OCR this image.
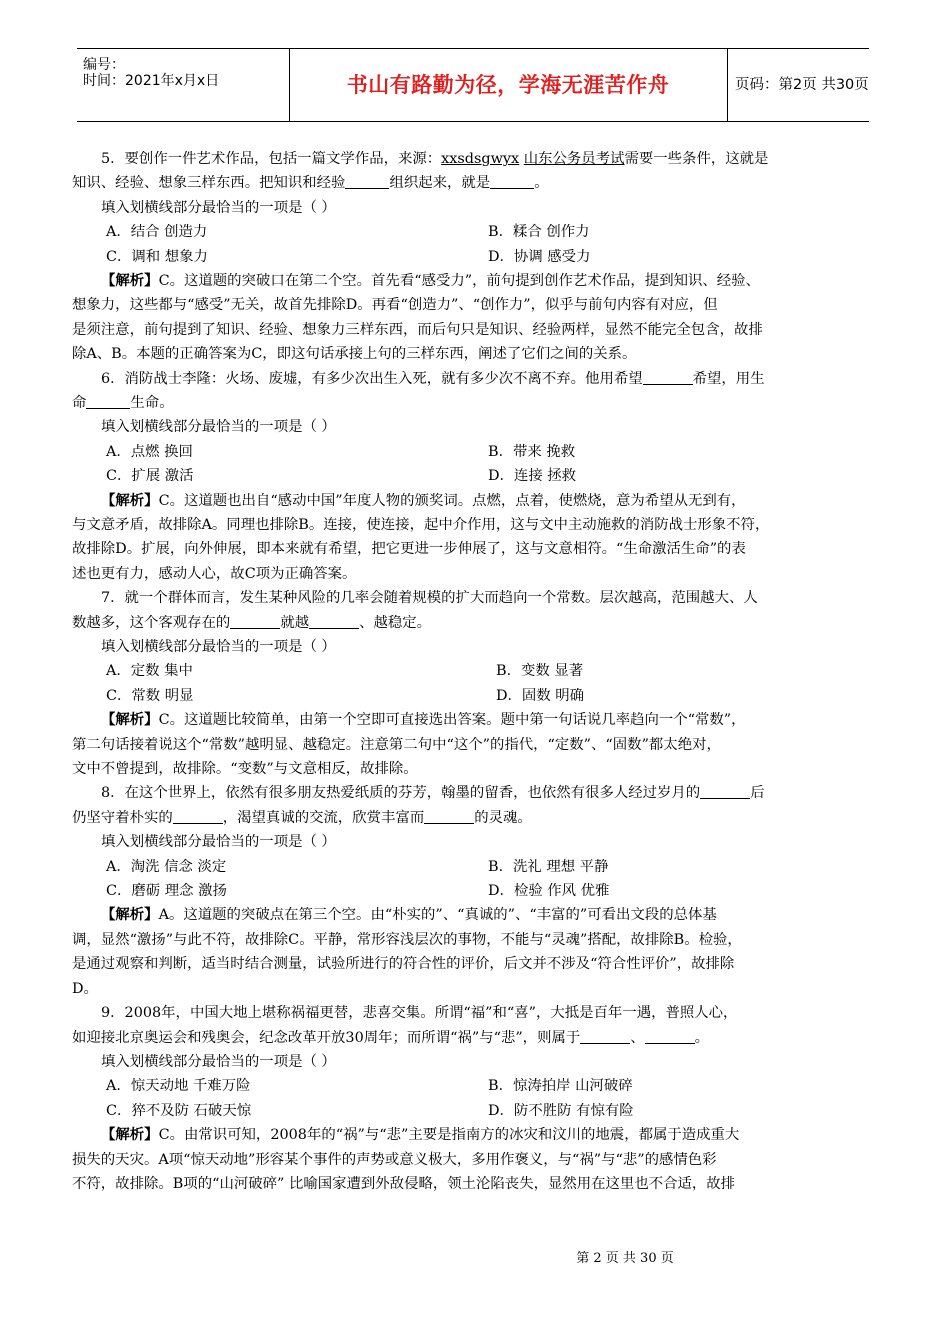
编号：
时间：2021年x月x日	书山有路勤为径，学海无涯苦作舟	页码：第2页 共30页

5．要创作一件艺术作品，包括一篇文学作品，来源：xxsdsgwyx 山东公务员考试需要一些条件，这就是

知识、经验、想象三样东西。把知识和经验	组织起来，就是	。

填入划横线部分最恰当的一项是（ ）

A．结合 创造力	B．糅合 创作力
C．调和 想象力	D．协调 感受力

【解析】C。这道题的突破口在第二个空。首先看“感受力”，前句提到创作艺术作品，提到知识、经验、

想象力，这些都与“感受”无关，故首先排除D。再看“创造力”、“创作力”，似乎与前句内容有对应，但

是须注意，前句提到了知识、经验、想象力三样东西，而后句只是知识、经验两样，显然不能完全包含，故排

除A、B。本题的正确答案为C，即这句话承接上句的三样东西，阐述了它们之间的关系。

6．消防战士李隆：火场、废墟，有多少次出生入死，就有多少次不离不弃。他用希望	希望，用生

命	生命。

填入划横线部分最恰当的一项是（ ）

A．点燃 换回	B．带来 挽救
C．扩展 激活	D．连接 拯救

【解析】C。这道题也出自“感动中国”年度人物的颁奖词。点燃，点着，使燃烧，意为希望从无到有，

与文意矛盾，故排除A。同理也排除B。连接，使连接，起中介作用，这与文中主动施救的消防战士形象不符，

故排除D。扩展，向外伸展，即本来就有希望，把它更进一步伸展了，这与文意相符。“生命激活生命”的表

述也更有力，感动人心，故C项为正确答案。

7．就一个群体而言，发生某种风险的几率会随着规模的扩大而趋向一个常数。层次越高，范围越大、人

数越多，这个客观存在的	就越	、越稳定。

填入划横线部分最恰当的一项是（ ）

A．定数 集中	B．变数 显著
C．常数 明显	D．固数 明确

【解析】C。这道题比较简单，由第一个空即可直接选出答案。题中第一句话说几率趋向一个“常数”，

第二句话接着说这个“常数”越明显、越稳定。注意第二句中“这个”的指代，“定数”、“固数”都太绝对，

文中不曾提到，故排除。“变数”与文意相反，故排除。

8．在这个世界上，依然有很多朋友热爱纸质的芬芳，翰墨的留香，也依然有很多人经过岁月的	后

仍坚守着朴实的	，渴望真诚的交流，欣赏丰富而	的灵魂。

填入划横线部分最恰当的一项是（ ）

A．淘洗 信念 淡定	B．洗礼 理想 平静
C．磨砺 理念 激扬	D．检验 作风 优雅

【解析】A。这道题的突破点在第三个空。由“朴实的”、“真诚的”、“丰富的”可看出文段的总体基

调，显然“激扬”与此不符，故排除C。平静，常形容浅层次的事物，不能与“灵魂”搭配，故排除B。检验，

是通过观察和判断，适当时结合测量，试验所进行的符合性的评价，后文并不涉及“符合性评价”，故排除

D。

9．2008年，中国大地上堪称祸福更替，悲喜交集。所谓“福”和“喜”，大抵是百年一遇，普照人心，

如迎接北京奥运会和残奥会，纪念改革开放30周年；而所谓“祸”与“悲”，则属于	、	。

填入划横线部分最恰当的一项是（ ）

A．惊天动地 千难万险	B．惊涛拍岸 山河破碎
C．猝不及防 石破天惊	D．防不胜防 有惊有险

【解析】C。由常识可知，2008年的“祸”与“悲”主要是指南方的冰灾和汶川的地震，都属于造成重大

损失的天灾。A项“惊天动地”形容某个事件的声势或意义极大，多用作褒义，与“祸”与“悲”的感情色彩

不符，故排除。B项的“山河破碎” 比喻国家遭到外敌侵略，领土沦陷丧失，显然用在这里也不合适，故排

第 2 页 共 30 页
